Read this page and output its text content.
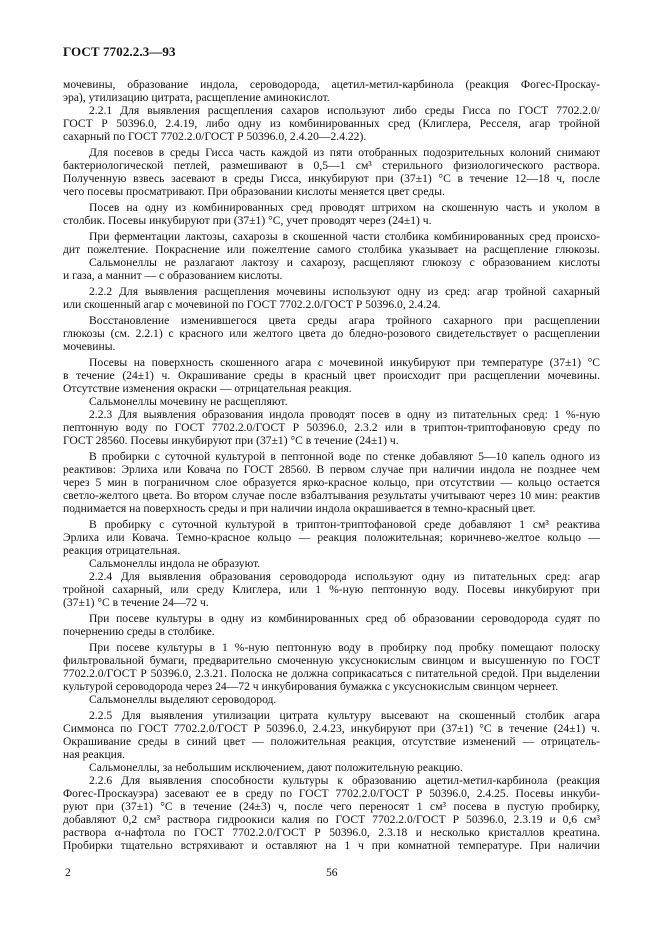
ГОСТ 7702.2.3—93
мочевины, образование индола, сероводорода, ацетил-метил-карбинола (реакция Фогес-Проскау-
эра), утилизацию цитрата, расщепление аминокислот.
2.2.1 Для выявления расщепления сахаров используют либо среды Гисса по ГОСТ 7702.2.0/
ГОСТ Р 50396.0, 2.4.19, либо одну из комбинированных сред (Клиглера, Ресселя, агар тройной
сахарный по ГОСТ 7702.2.0/ГОСТ Р 50396.0, 2.4.20—2.4.22).
Для посевов в среды Гисса часть каждой из пяти отобранных подозрительных колоний снимают
бактериологической петлей, размешивают в 0,5—1 см³ стерильного физиологического раствора.
Полученную взвесь засевают в среды Гисса, инкубируют при (37±1) °С в течение 12—18 ч, после
чего посевы просматривают. При образовании кислоты меняется цвет среды.
Посев на одну из комбинированных сред проводят штрихом на скошенную часть и уколом в
столбик. Посевы инкубируют при (37±1) °С, учет проводят через (24±1) ч.
При ферментации лактозы, сахарозы в скошенной части столбика комбинированных сред происхо-
дит пожелтение. Покраснение или пожелтение самого столбика указывает на расщепление глюкозы.
Сальмонеллы не разлагают лактозу и сахарозу, расщепляют глюкозу с образованием кислоты
и газа, а маннит — с образованием кислоты.
2.2.2 Для выявления расщепления мочевины используют одну из сред: агар тройной сахарный
или скошенный агар с мочевиной по ГОСТ 7702.2.0/ГОСТ Р 50396.0, 2.4.24.
Восстановление изменившегося цвета среды агара тройного сахарного при расщеплении
глюкозы (см. 2.2.1) с красного или желтого цвета до бледно-розового свидетельствует о расщеплении
мочевины.
Посевы на поверхность скошенного агара с мочевиной инкубируют при температуре (37±1) °С
в течение (24±1) ч. Окрашивание среды в красный цвет происходит при расщеплении мочевины.
Отсутствие изменения окраски — отрицательная реакция.
Сальмонеллы мочевину не расщепляют.
2.2.3 Для выявления образования индола проводят посев в одну из питательных сред: 1 %-ную
пептонную воду по ГОСТ 7702.2.0/ГОСТ Р 50396.0, 2.3.2 или в триптон-триптофановую среду по
ГОСТ 28560. Посевы инкубируют при (37±1) °С в течение (24±1) ч.
В пробирки с суточной культурой в пептонной воде по стенке добавляют 5—10 капель одного из
реактивов: Эрлиха или Ковача по ГОСТ 28560. В первом случае при наличии индола не позднее чем
через 5 мин в пограничном слое образуется ярко-красное кольцо, при отсутствии — кольцо остается
светло-желтого цвета. Во втором случае после взбалтывания результаты учитывают через 10 мин: реактив
поднимается на поверхность среды и при наличии индола окрашивается в темно-красный цвет.
В пробирку с суточной культурой в триптон-триптофановой среде добавляют 1 см³ реактива
Эрлиха или Ковача. Темно-красное кольцо — реакция положительная; коричнево-желтое кольцо —
реакция отрицательная.
Сальмонеллы индола не образуют.
2.2.4 Для выявления образования сероводорода используют одну из питательных сред: агар
тройной сахарный, или среду Клиглера, или 1 %-ную пептонную воду. Посевы инкубируют при
(37±1) °С в течение 24—72 ч.
При посеве культуры в одну из комбинированных сред об образовании сероводорода судят по
почернению среды в столбике.
При посеве культуры в 1 %-ную пептонную воду в пробирку под пробку помещают полоску
фильтровальной бумаги, предварительно смоченную уксуснокислым свинцом и высушенную по ГОСТ
7702.2.0/ГОСТ Р 50396.0, 2.3.21. Полоска не должна соприкасаться с питательной средой. При выделении
культурой сероводорода через 24—72 ч инкубирования бумажка с уксуснокислым свинцом чернеет.
Сальмонеллы выделяют сероводород.
2.2.5 Для выявления утилизации цитрата культуру высевают на скошенный столбик агара
Симмонса по ГОСТ 7702.2.0/ГОСТ Р 50396.0, 2.4.23, инкубируют при (37±1) °С в течение (24±1) ч.
Окрашивание среды в синий цвет — положительная реакция, отсутствие изменений — отрицатель-
ная реакция.
Сальмонеллы, за небольшим исключением, дают положительную реакцию.
2.2.6 Для выявления способности культуры к образованию ацетил-метил-карбинола (реакция
Фогес-Проскауэра) засевают ее в среду по ГОСТ 7702.2.0/ГОСТ Р 50396.0, 2.4.25. Посевы инкуби-
руют при (37±1) °С в течение (24±3) ч, после чего переносят 1 см³ посева в пустую пробирку,
добавляют 0,2 см³ раствора гидроокиси калия по ГОСТ 7702.2.0/ГОСТ Р 50396.0, 2.3.19 и 0,6 см³
раствора α-нафтола по ГОСТ 7702.2.0/ГОСТ Р 50396.0, 2.3.18 и несколько кристаллов креатина.
Пробирки тщательно встряхивают и оставляют на 1 ч при комнатной температуре. При наличии
2	56
